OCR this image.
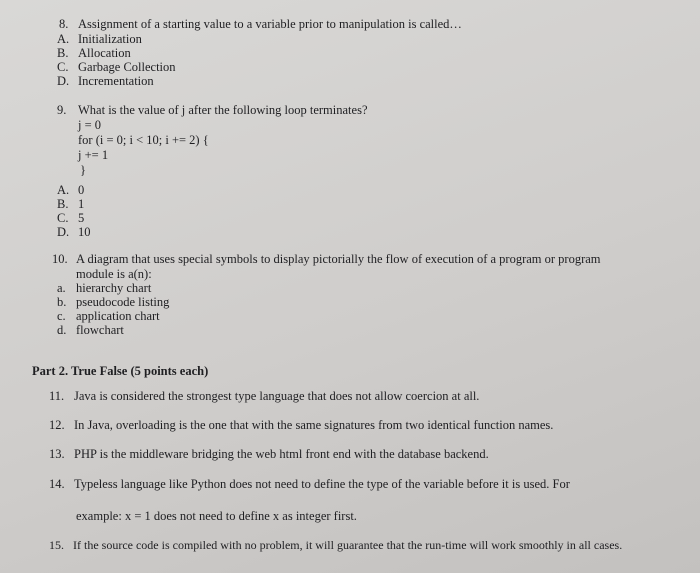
8. Assignment of a starting value to a variable prior to manipulation is called…
A. Initialization
B. Allocation
C. Garbage Collection
D. Incrementation
9. What is the value of j after the following loop terminates?
j = 0
for (i = 0; i < 10; i += 2) {
j += 1
}
A. 0
B. 1
C. 5
D. 10
10. A diagram that uses special symbols to display pictorially the flow of execution of a program or program
module is a(n):
a. hierarchy chart
b. pseudocode listing
c. application chart
d. flowchart
Part 2. True False (5 points each)
11. Java is considered the strongest type language that does not allow coercion at all.
12. In Java, overloading is the one that with the same signatures from two identical function names.
13. PHP is the middleware bridging the web html front end with the database backend.
14. Typeless language like Python does not need to define the type of the variable before it is used. For
example: x = 1 does not need to define x as integer first.
15. If the source code is compiled with no problem, it will guarantee that the run-time will work smoothly in all cases.
